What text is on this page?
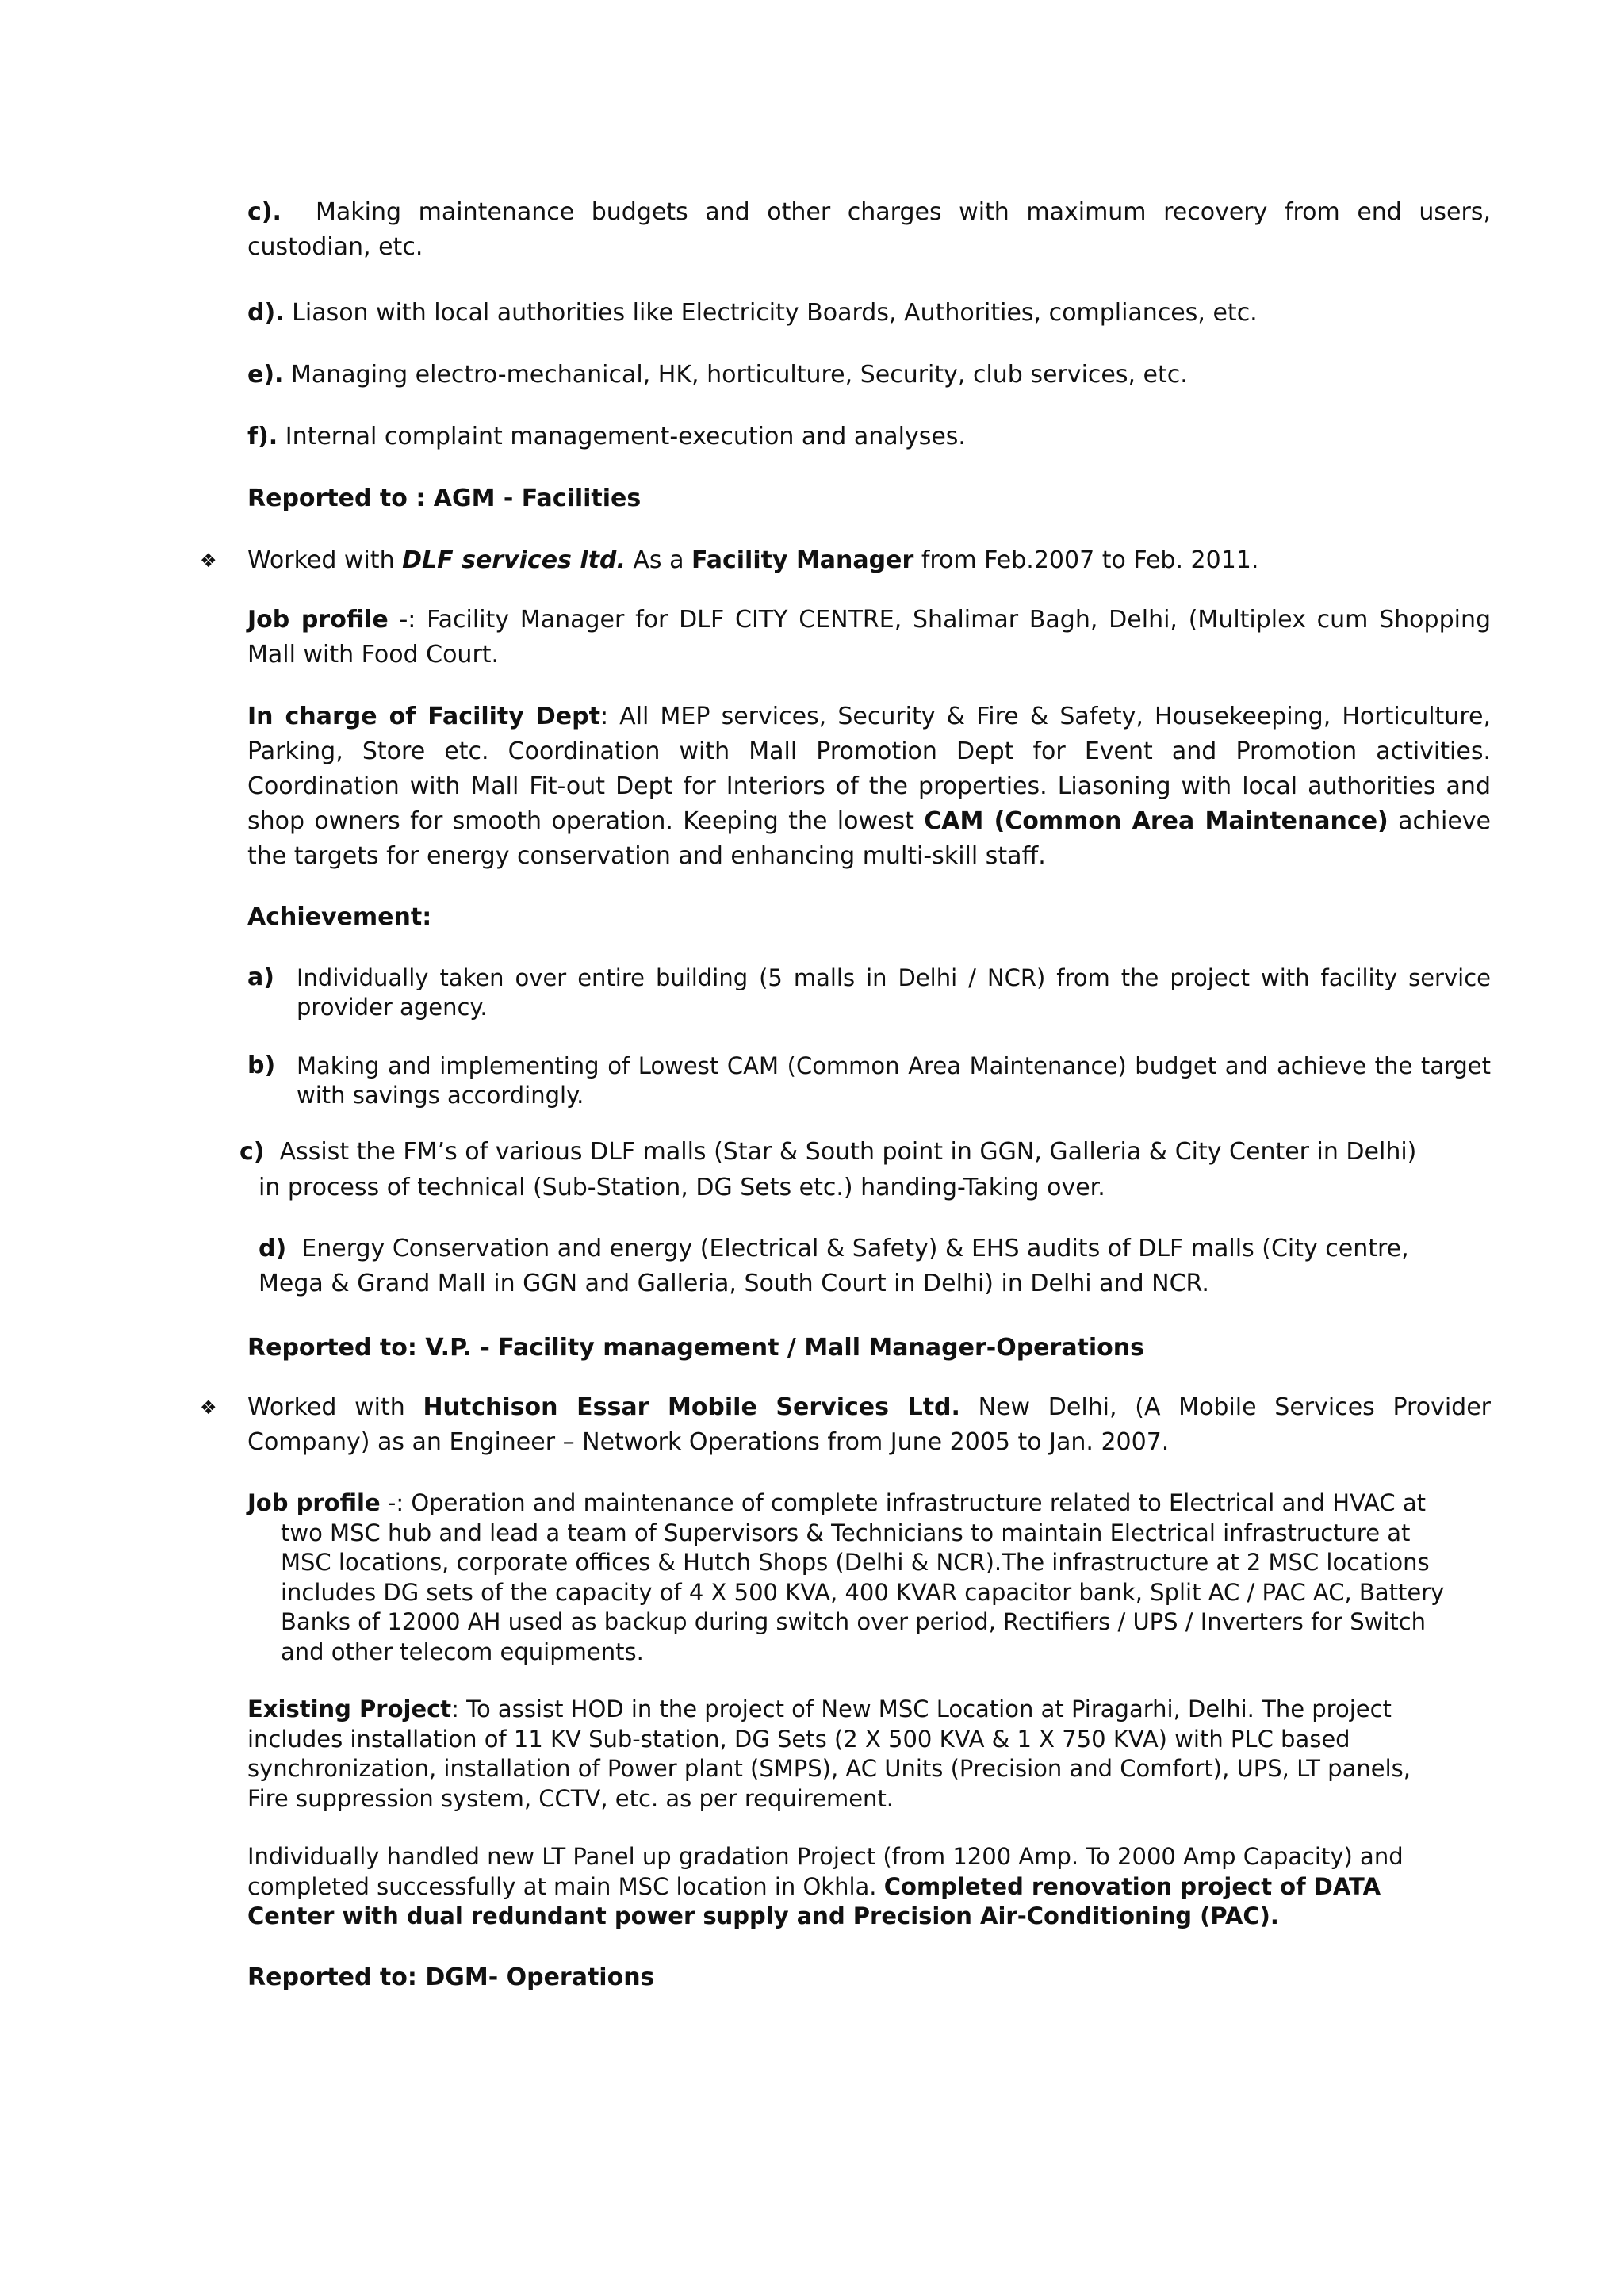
c). Making maintenance budgets and other charges with maximum recovery from end users, custodian, etc.

d). Liason with local authorities like Electricity Boards, Authorities, compliances, etc.

e). Managing electro-mechanical, HK, horticulture, Security, club services, etc.

f). Internal complaint management-execution and analyses.

Reported to : AGM - Facilities

❖ Worked with DLF services ltd. As a Facility Manager from Feb.2007 to Feb. 2011.

Job profile -: Facility Manager for DLF CITY CENTRE, Shalimar Bagh, Delhi, (Multiplex cum Shopping Mall with Food Court.

In charge of Facility Dept: All MEP services, Security & Fire & Safety, Housekeeping, Horticulture, Parking, Store etc. Coordination with Mall Promotion Dept for Event and Promotion activities. Coordination with Mall Fit-out Dept for Interiors of the properties. Liasoning with local authorities and shop owners for smooth operation. Keeping the lowest CAM (Common Area Maintenance) achieve the targets for energy conservation and enhancing multi-skill staff.

Achievement:

a) Individually taken over entire building (5 malls in Delhi / NCR) from the project with facility service provider agency.

b) Making and implementing of Lowest CAM (Common Area Maintenance) budget and achieve the target with savings accordingly.

c) Assist the FM’s of various DLF malls (Star & South point in GGN, Galleria & City Center in Delhi)

in process of technical (Sub-Station, DG Sets etc.) handing-Taking over.

d) Energy Conservation and energy (Electrical & Safety) & EHS audits of DLF malls (City centre,

Mega & Grand Mall in GGN and Galleria, South Court in Delhi) in Delhi and NCR.

Reported to: V.P. - Facility management / Mall Manager-Operations

❖ Worked with Hutchison Essar Mobile Services Ltd. New Delhi, (A Mobile Services Provider Company) as an Engineer – Network Operations from June 2005 to Jan. 2007.

Job profile -: Operation and maintenance of complete infrastructure related to Electrical and HVAC at
two MSC hub and lead a team of Supervisors & Technicians to maintain Electrical infrastructure at
MSC locations, corporate offices & Hutch Shops (Delhi & NCR).The infrastructure at 2 MSC locations
includes DG sets of the capacity of 4 X 500 KVA, 400 KVAR capacitor bank, Split AC / PAC AC, Battery
Banks of 12000 AH used as backup during switch over period, Rectifiers / UPS / Inverters for Switch
and other telecom equipments.
Existing Project: To assist HOD in the project of New MSC Location at Piragarhi, Delhi. The project
includes installation of 11 KV Sub-station, DG Sets (2 X 500 KVA & 1 X 750 KVA) with PLC based
synchronization, installation of Power plant (SMPS), AC Units (Precision and Comfort), UPS, LT panels,
Fire suppression system, CCTV, etc. as per requirement.
Individually handled new LT Panel up gradation Project (from 1200 Amp. To 2000 Amp Capacity) and
completed successfully at main MSC location in Okhla. Completed renovation project of DATA
Center with dual redundant power supply and Precision Air-Conditioning (PAC).

Reported to: DGM- Operations
